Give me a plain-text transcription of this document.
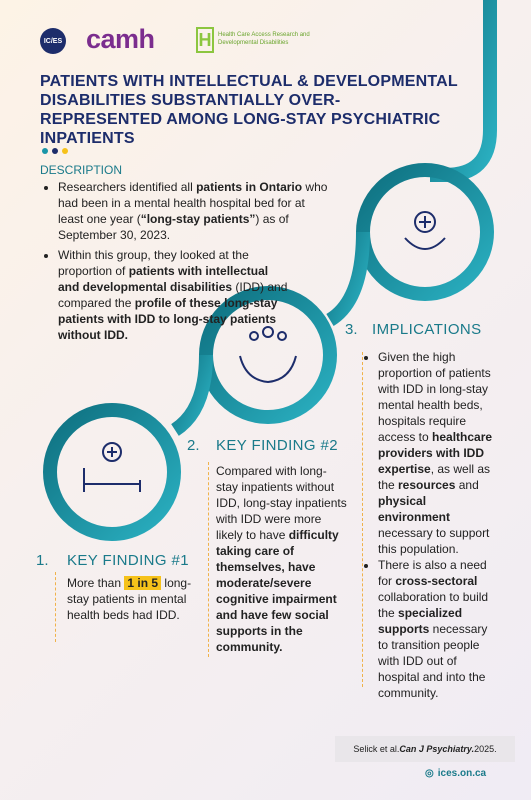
IC/ES camh H	Health Care Access Research and Developmental Disabilities
PATIENTS WITH INTELLECTUAL & DEVELOPMENTAL DISABILITIES SUBSTANTIALLY OVER-REPRESENTED AMONG LONG-STAY PSYCHIATRIC INPATIENTS
DESCRIPTION
• Researchers identified all patients in Ontario who had been in a mental health hospital bed for at least one year (“long-stay patients”) as of September 30, 2023.
• Within this group, they looked at the proportion of patients with intellectual and developmental disabilities (IDD) and compared the profile of these long-stay patients with IDD to long-stay patients without IDD.	3. IMPLICATIONS
• Given the high proportion of patients with IDD in long-stay mental health beds, hospitals require access to healthcare providers with IDD expertise, as well as the resources and physical environment necessary to support this population.
• There is also a need for cross-sectoral collaboration to build the specialized supports necessary to transition people with IDD out of hospital and into the community.
2. KEY FINDING #2
Compared with long-stay inpatients without IDD, long-stay inpatients with IDD were more likely to have difficulty taking care of themselves, have moderate/severe cognitive impairment and have few social supports in the community.
1. KEY FINDING #1
More than 1 in 5 long-stay patients in mental health beds had IDD.
Selick et al. Can J Psychiatry. 2025.
◎ ices.on.ca
